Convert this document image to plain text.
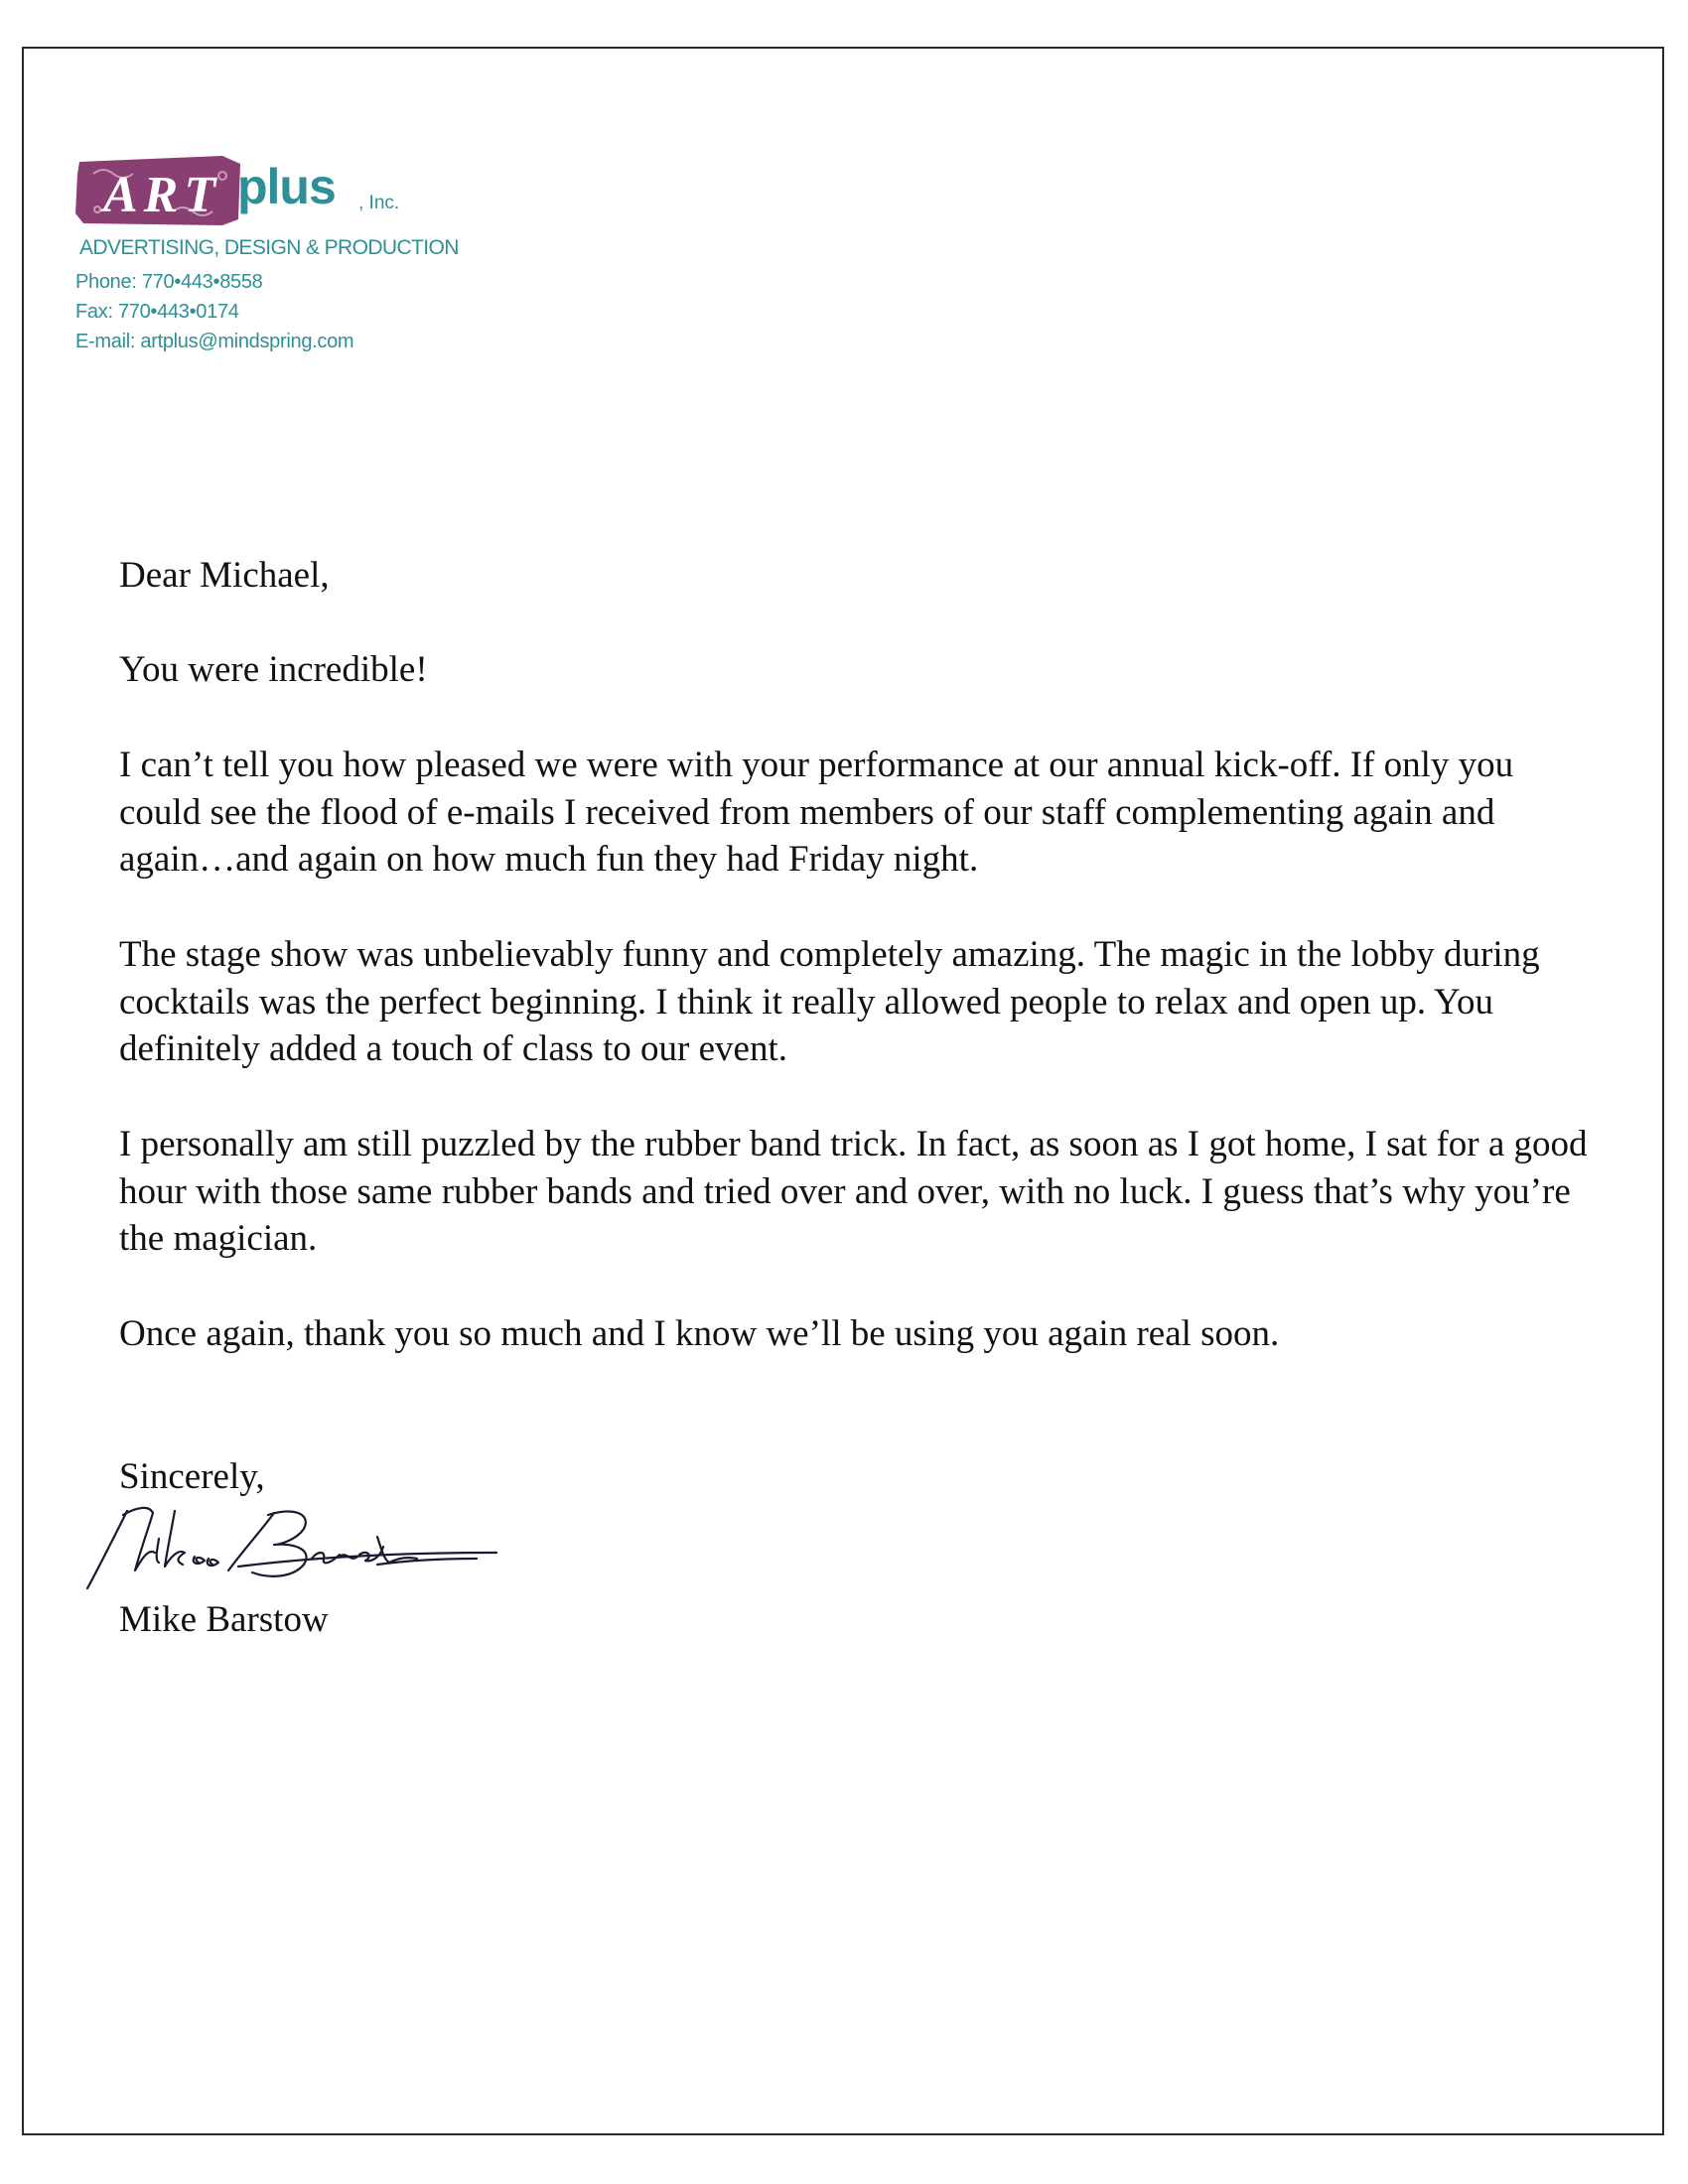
ART plus , Inc.
ADVERTISING, DESIGN & PRODUCTION
Phone: 770•443•8558
Fax: 770•443•0174
E-mail: artplus@mindspring.com

Dear Michael,

You were incredible!

I can’t tell you how pleased we were with your performance at our annual kick-off. If only you could see the flood of e-mails I received from members of our staff complementing again and again…and again on how much fun they had Friday night.

The stage show was unbelievably funny and completely amazing. The magic in the lobby during cocktails was the perfect beginning. I think it really allowed people to relax and open up. You definitely added a touch of class to our event.

I personally am still puzzled by the rubber band trick. In fact, as soon as I got home, I sat for a good hour with those same rubber bands and tried over and over, with no luck. I guess that’s why you’re the magician.

Once again, thank you so much and I know we’ll be using you again real soon.

Sincerely,

Mike Barstow
